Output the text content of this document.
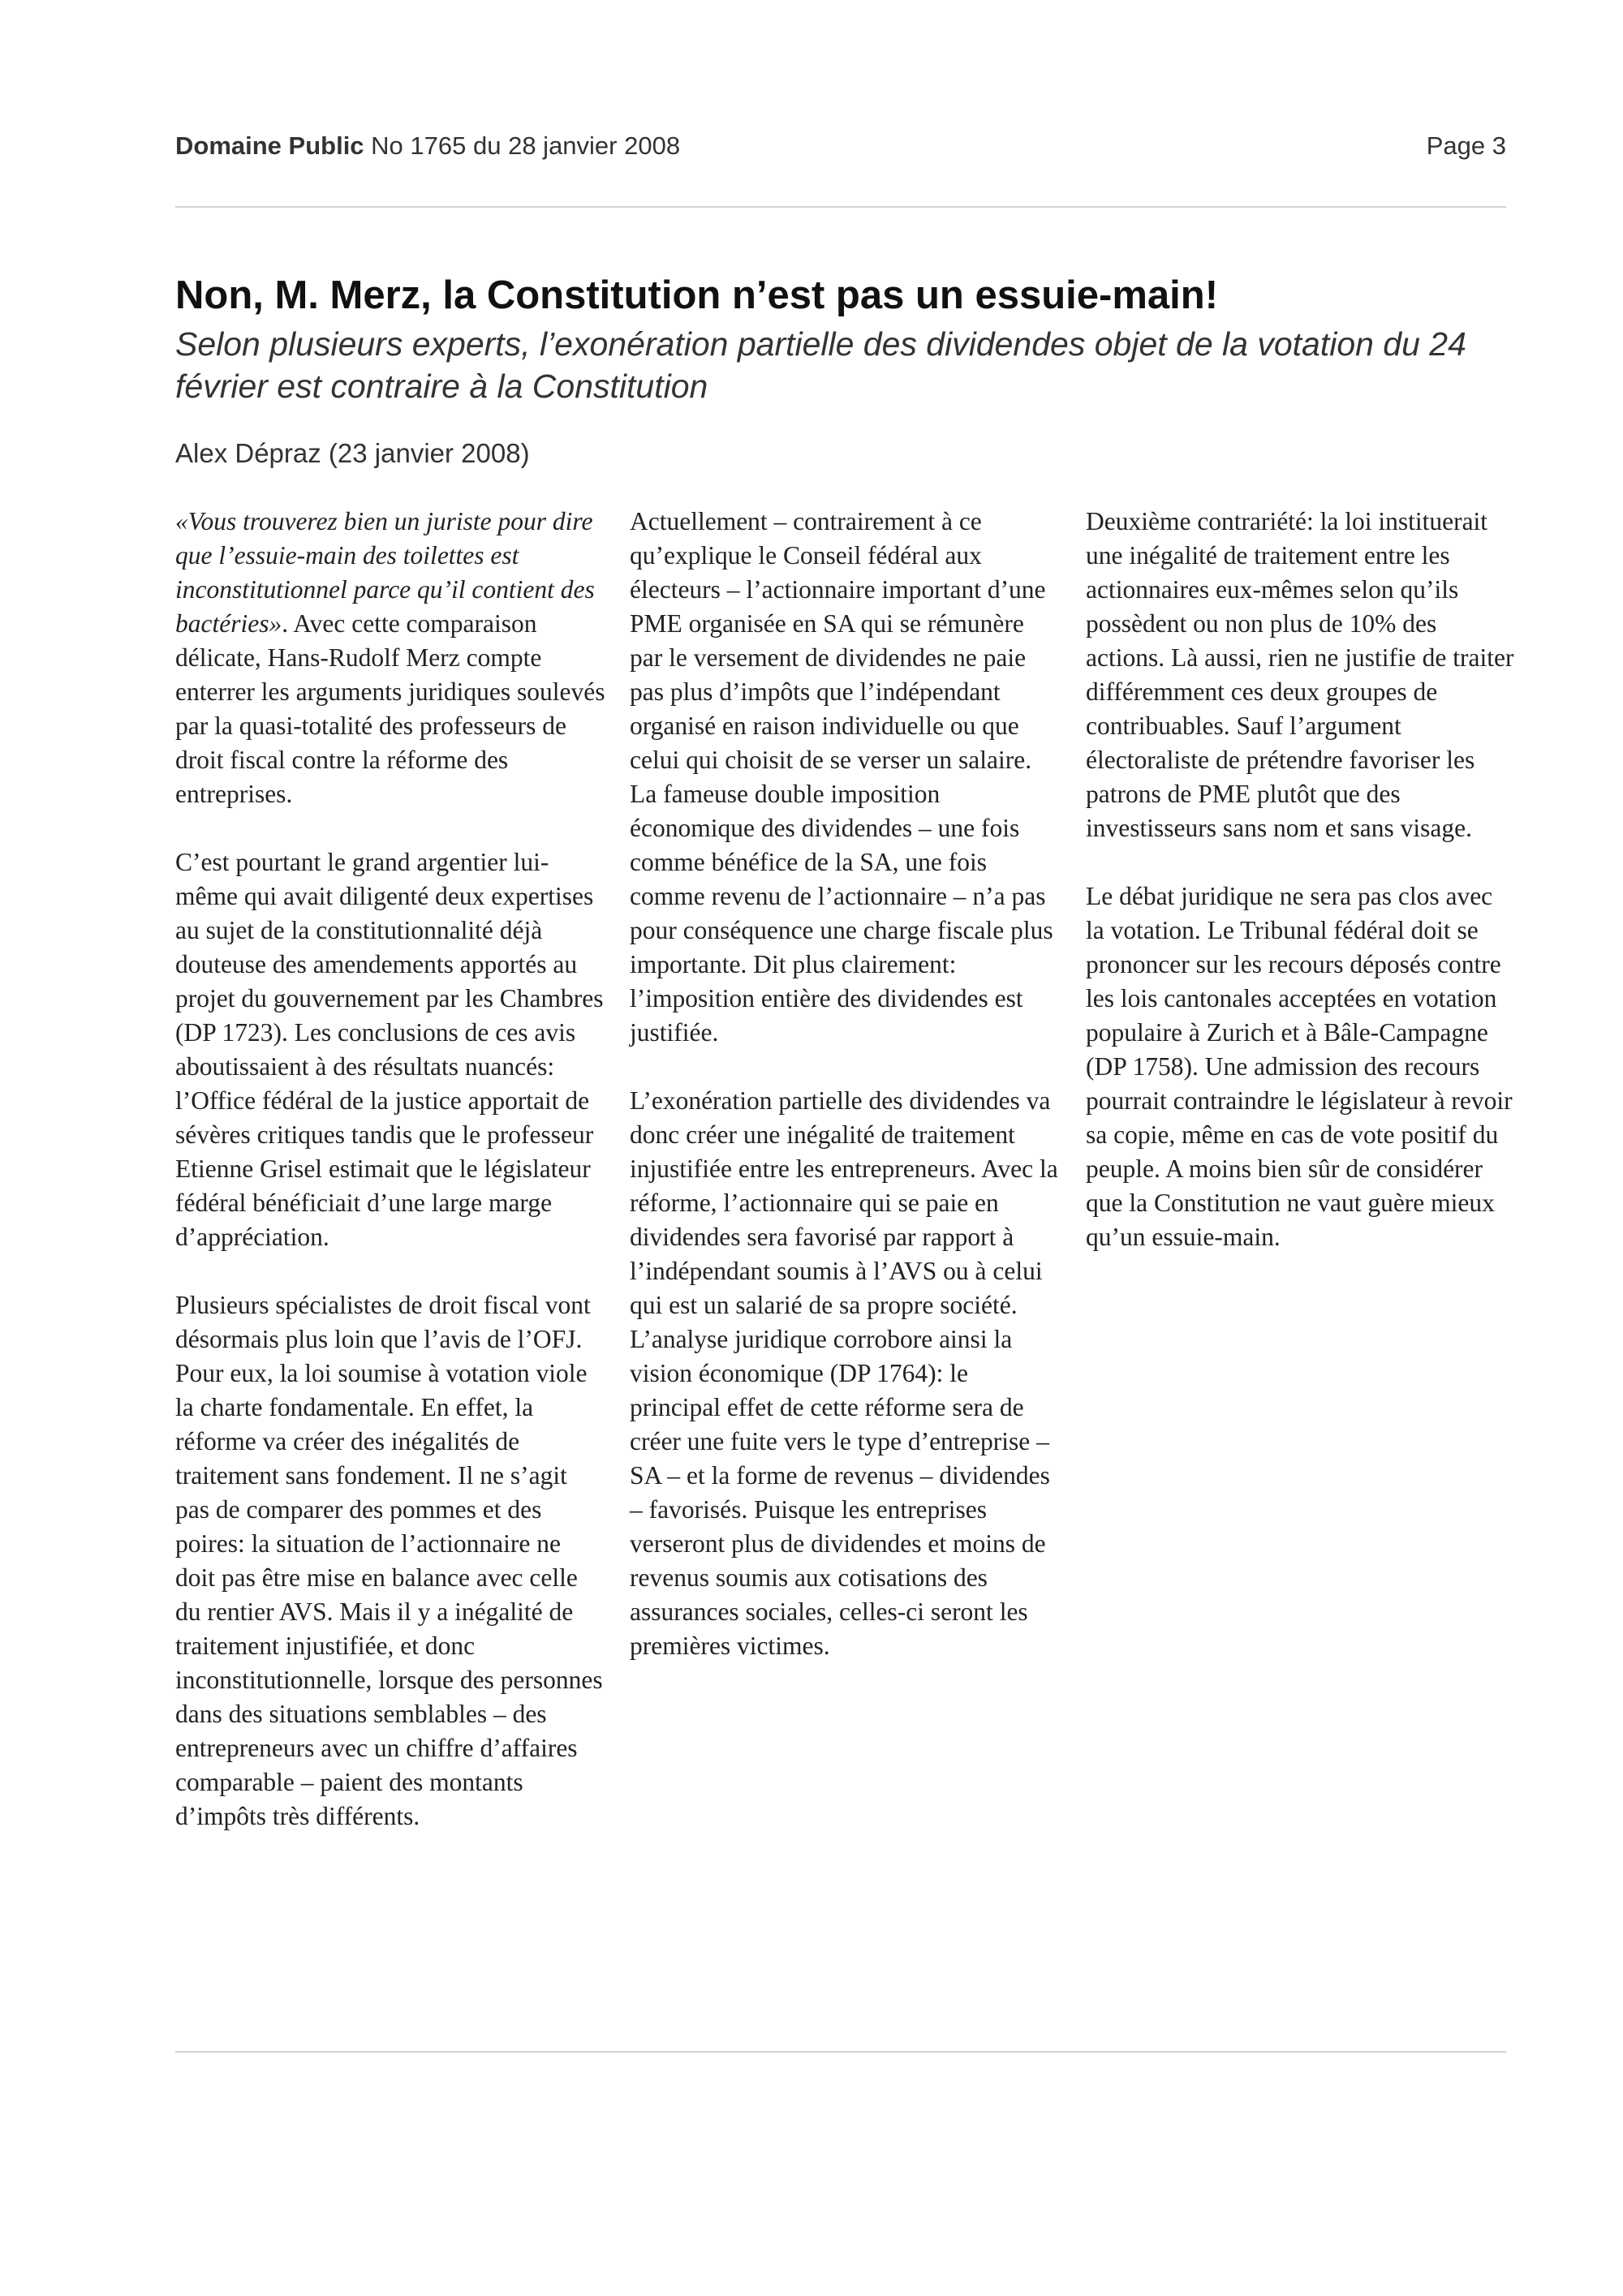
Domaine Public No 1765 du 28 janvier 2008	Page 3
Non, M. Merz, la Constitution n’est pas un essuie-main!

Selon plusieurs experts, l’exonération partielle des dividendes objet de la votation du 24 février est contraire à la Constitution

Alex Dépraz (23 janvier 2008)

«Vous trouverez bien un juriste pour dire que l’essuie-main des toilettes est inconstitutionnel parce qu’il contient des bactéries». Avec cette comparaison délicate, Hans-Rudolf Merz compte enterrer les arguments juridiques soulevés par la quasi-totalité des professeurs de droit fiscal contre la réforme des entreprises.

C’est pourtant le grand argentier lui-même qui avait diligenté deux expertises au sujet de la constitutionnalité déjà douteuse des amendements apportés au projet du gouvernement par les Chambres (DP 1723). Les conclusions de ces avis aboutissaient à des résultats nuancés: l’Office fédéral de la justice apportait de sévères critiques tandis que le professeur Etienne Grisel estimait que le législateur fédéral bénéficiait d’une large marge d’appréciation.

Plusieurs spécialistes de droit fiscal vont désormais plus loin que l’avis de l’OFJ. Pour eux, la loi soumise à votation viole la charte fondamentale. En effet, la réforme va créer des inégalités de traitement sans fondement. Il ne s’agit pas de comparer des pommes et des poires: la situation de l’actionnaire ne doit pas être mise en balance avec celle du rentier AVS. Mais il y a inégalité de traitement injustifiée, et donc inconstitutionnelle, lorsque des personnes dans des situations semblables – des entrepreneurs avec un chiffre d’affaires comparable – paient des montants d’impôts très différents.

Actuellement – contrairement à ce qu’explique le Conseil fédéral aux électeurs – l’actionnaire important d’une PME organisée en SA qui se rémunère par le versement de dividendes ne paie pas plus d’impôts que l’indépendant organisé en raison individuelle ou que celui qui choisit de se verser un salaire. La fameuse double imposition économique des dividendes – une fois comme bénéfice de la SA, une fois comme revenu de l’actionnaire – n’a pas pour conséquence une charge fiscale plus importante. Dit plus clairement: l’imposition entière des dividendes est justifiée.

L’exonération partielle des dividendes va donc créer une inégalité de traitement injustifiée entre les entrepreneurs. Avec la réforme, l’actionnaire qui se paie en dividendes sera favorisé par rapport à l’indépendant soumis à l’AVS ou à celui qui est un salarié de sa propre société. L’analyse juridique corrobore ainsi la vision économique (DP 1764): le principal effet de cette réforme sera de créer une fuite vers le type d’entreprise – SA – et la forme de revenus – dividendes – favorisés. Puisque les entreprises verseront plus de dividendes et moins de revenus soumis aux cotisations des assurances sociales, celles-ci seront les premières victimes.

Deuxième contrariété: la loi instituerait une inégalité de traitement entre les actionnaires eux-mêmes selon qu’ils possèdent ou non plus de 10% des actions. Là aussi, rien ne justifie de traiter différemment ces deux groupes de contribuables. Sauf l’argument électoraliste de prétendre favoriser les patrons de PME plutôt que des investisseurs sans nom et sans visage.

Le débat juridique ne sera pas clos avec la votation. Le Tribunal fédéral doit se prononcer sur les recours déposés contre les lois cantonales acceptées en votation populaire à Zurich et à Bâle-Campagne (DP 1758). Une admission des recours pourrait contraindre le législateur à revoir sa copie, même en cas de vote positif du peuple. A moins bien sûr de considérer que la Constitution ne vaut guère mieux qu’un essuie-main.
